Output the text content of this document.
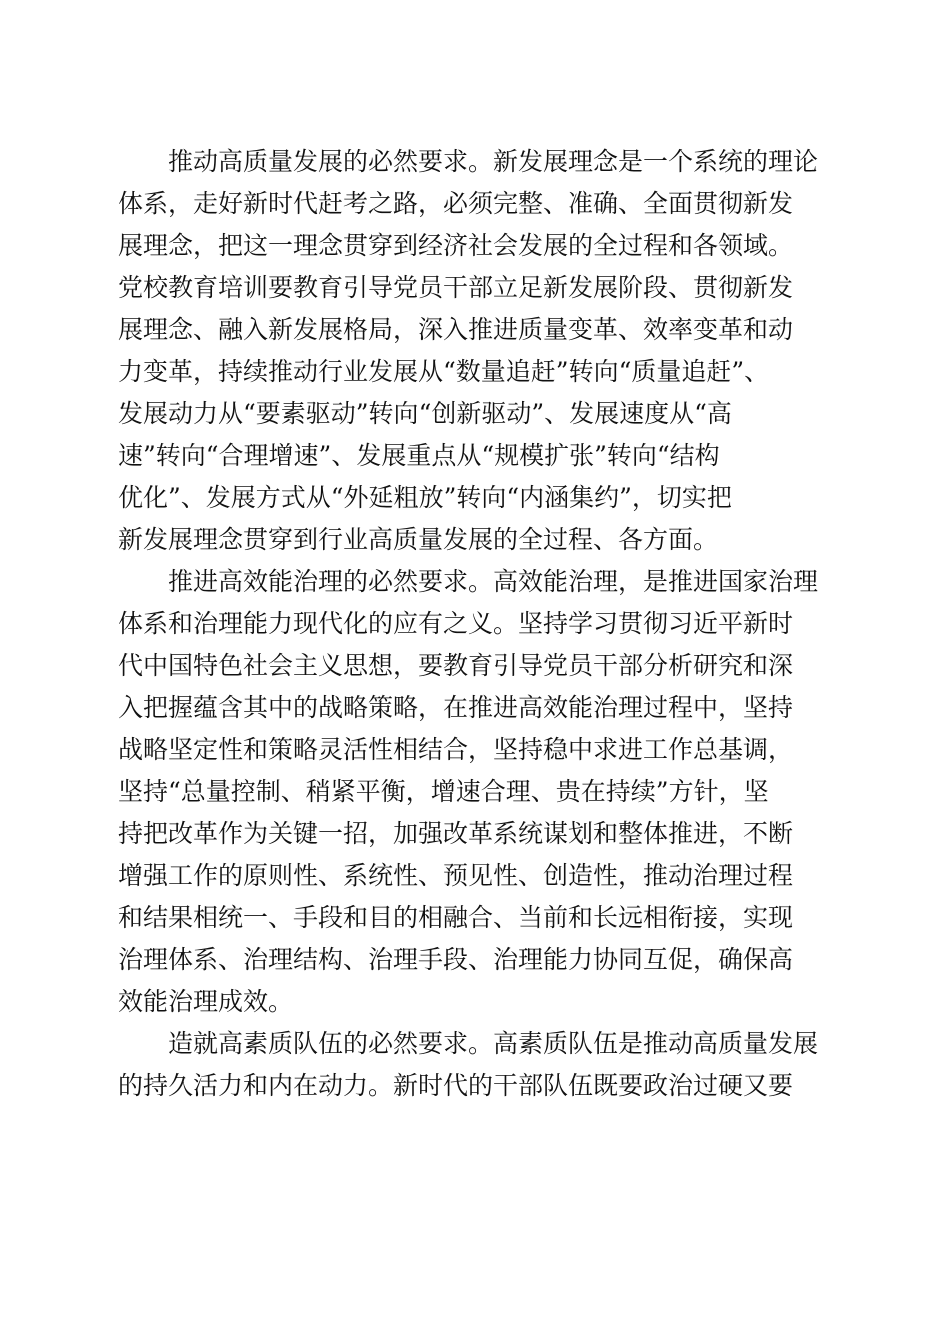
　　推动高质量发展的必然要求。新发展理念是一个系统的理论
体系，走好新时代赶考之路，必须完整、准确、全面贯彻新发
展理念，把这一理念贯穿到经济社会发展的全过程和各领域。
党校教育培训要教育引导党员干部立足新发展阶段、贯彻新发
展理念、融入新发展格局，深入推进质量变革、效率变革和动
力变革，持续推动行业发展从“数量追赶”转向“质量追赶”、
发展动力从“要素驱动”转向“创新驱动”、发展速度从“高
速”转向“合理增速”、发展重点从“规模扩张”转向“结构
优化”、发展方式从“外延粗放”转向“内涵集约”，切实把
新发展理念贯穿到行业高质量发展的全过程、各方面。
　　推进高效能治理的必然要求。高效能治理，是推进国家治理
体系和治理能力现代化的应有之义。坚持学习贯彻习近平新时
代中国特色社会主义思想，要教育引导党员干部分析研究和深
入把握蕴含其中的战略策略，在推进高效能治理过程中，坚持
战略坚定性和策略灵活性相结合，坚持稳中求进工作总基调，
坚持“总量控制、稍紧平衡，增速合理、贵在持续”方针，坚
持把改革作为关键一招，加强改革系统谋划和整体推进，不断
增强工作的原则性、系统性、预见性、创造性，推动治理过程
和结果相统一、手段和目的相融合、当前和长远相衔接，实现
治理体系、治理结构、治理手段、治理能力协同互促，确保高
效能治理成效。
　　造就高素质队伍的必然要求。高素质队伍是推动高质量发展
的持久活力和内在动力。新时代的干部队伍既要政治过硬又要
